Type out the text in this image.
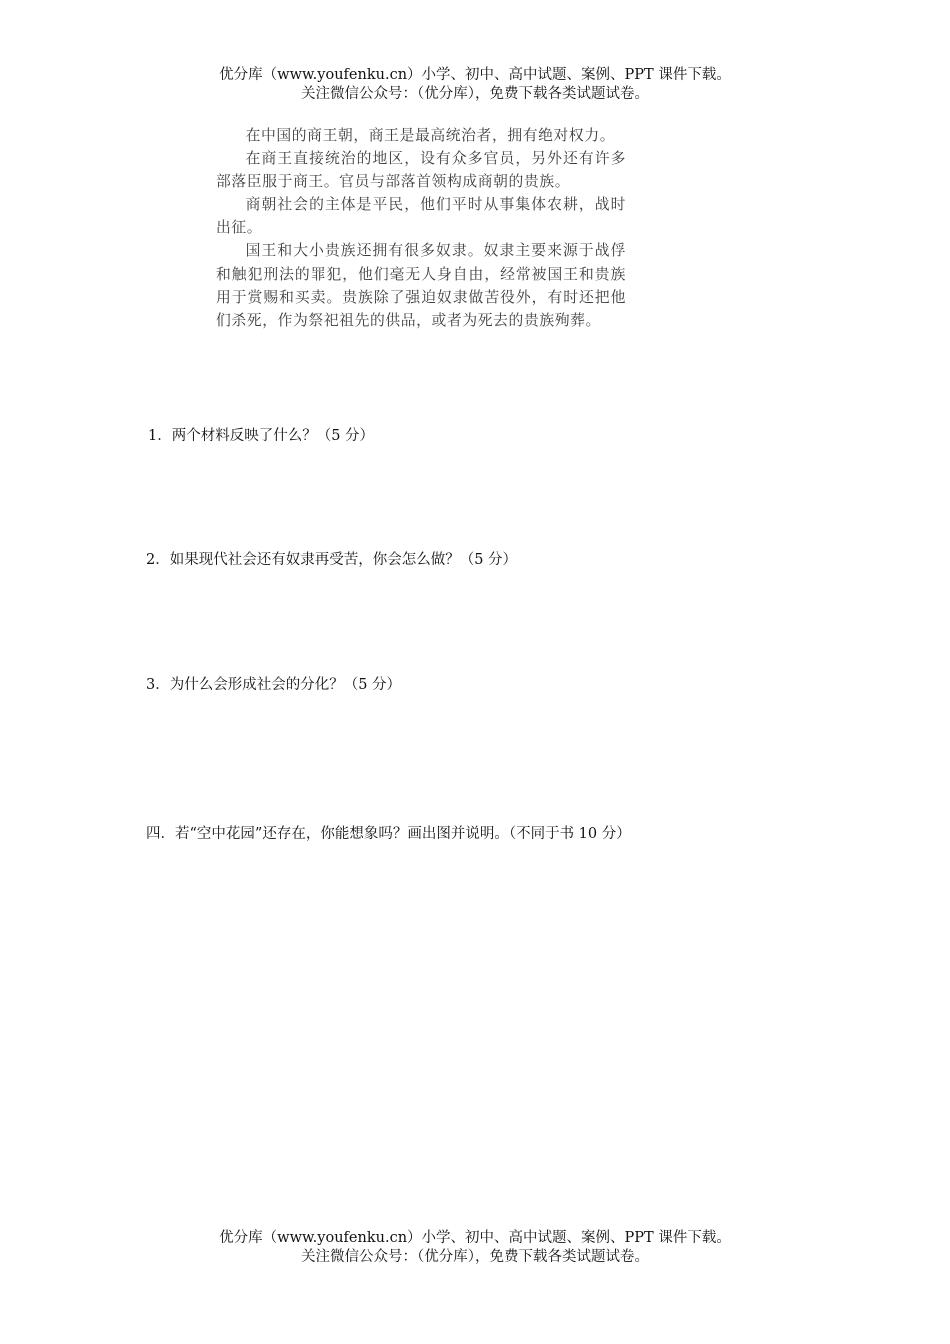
优分库（www.youfenku.cn）小学、初中、高中试题、案例、PPT 课件下载。
关注微信公众号：（优分库），免费下载各类试题试卷。

在中国的商王朝，商王是最高统治者，拥有绝对权力。

在商王直接统治的地区，设有众多官员，另外还有许多部落臣服于商王。官员与部落首领构成商朝的贵族。

商朝社会的主体是平民，他们平时从事集体农耕，战时出征。

国王和大小贵族还拥有很多奴隶。奴隶主要来源于战俘和触犯刑法的罪犯，他们毫无人身自由，经常被国王和贵族用于赏赐和买卖。贵族除了强迫奴隶做苦役外，有时还把他们杀死，作为祭祀祖先的供品，或者为死去的贵族殉葬。

1．两个材料反映了什么？（5 分）
2．如果现代社会还有奴隶再受苦，你会怎么做？（5 分）
3．为什么会形成社会的分化？（5 分）
四．若“空中花园”还存在，你能想象吗？画出图并说明。（不同于书 10 分）
优分库（www.youfenku.cn）小学、初中、高中试题、案例、PPT 课件下载。
关注微信公众号：（优分库），免费下载各类试题试卷。
